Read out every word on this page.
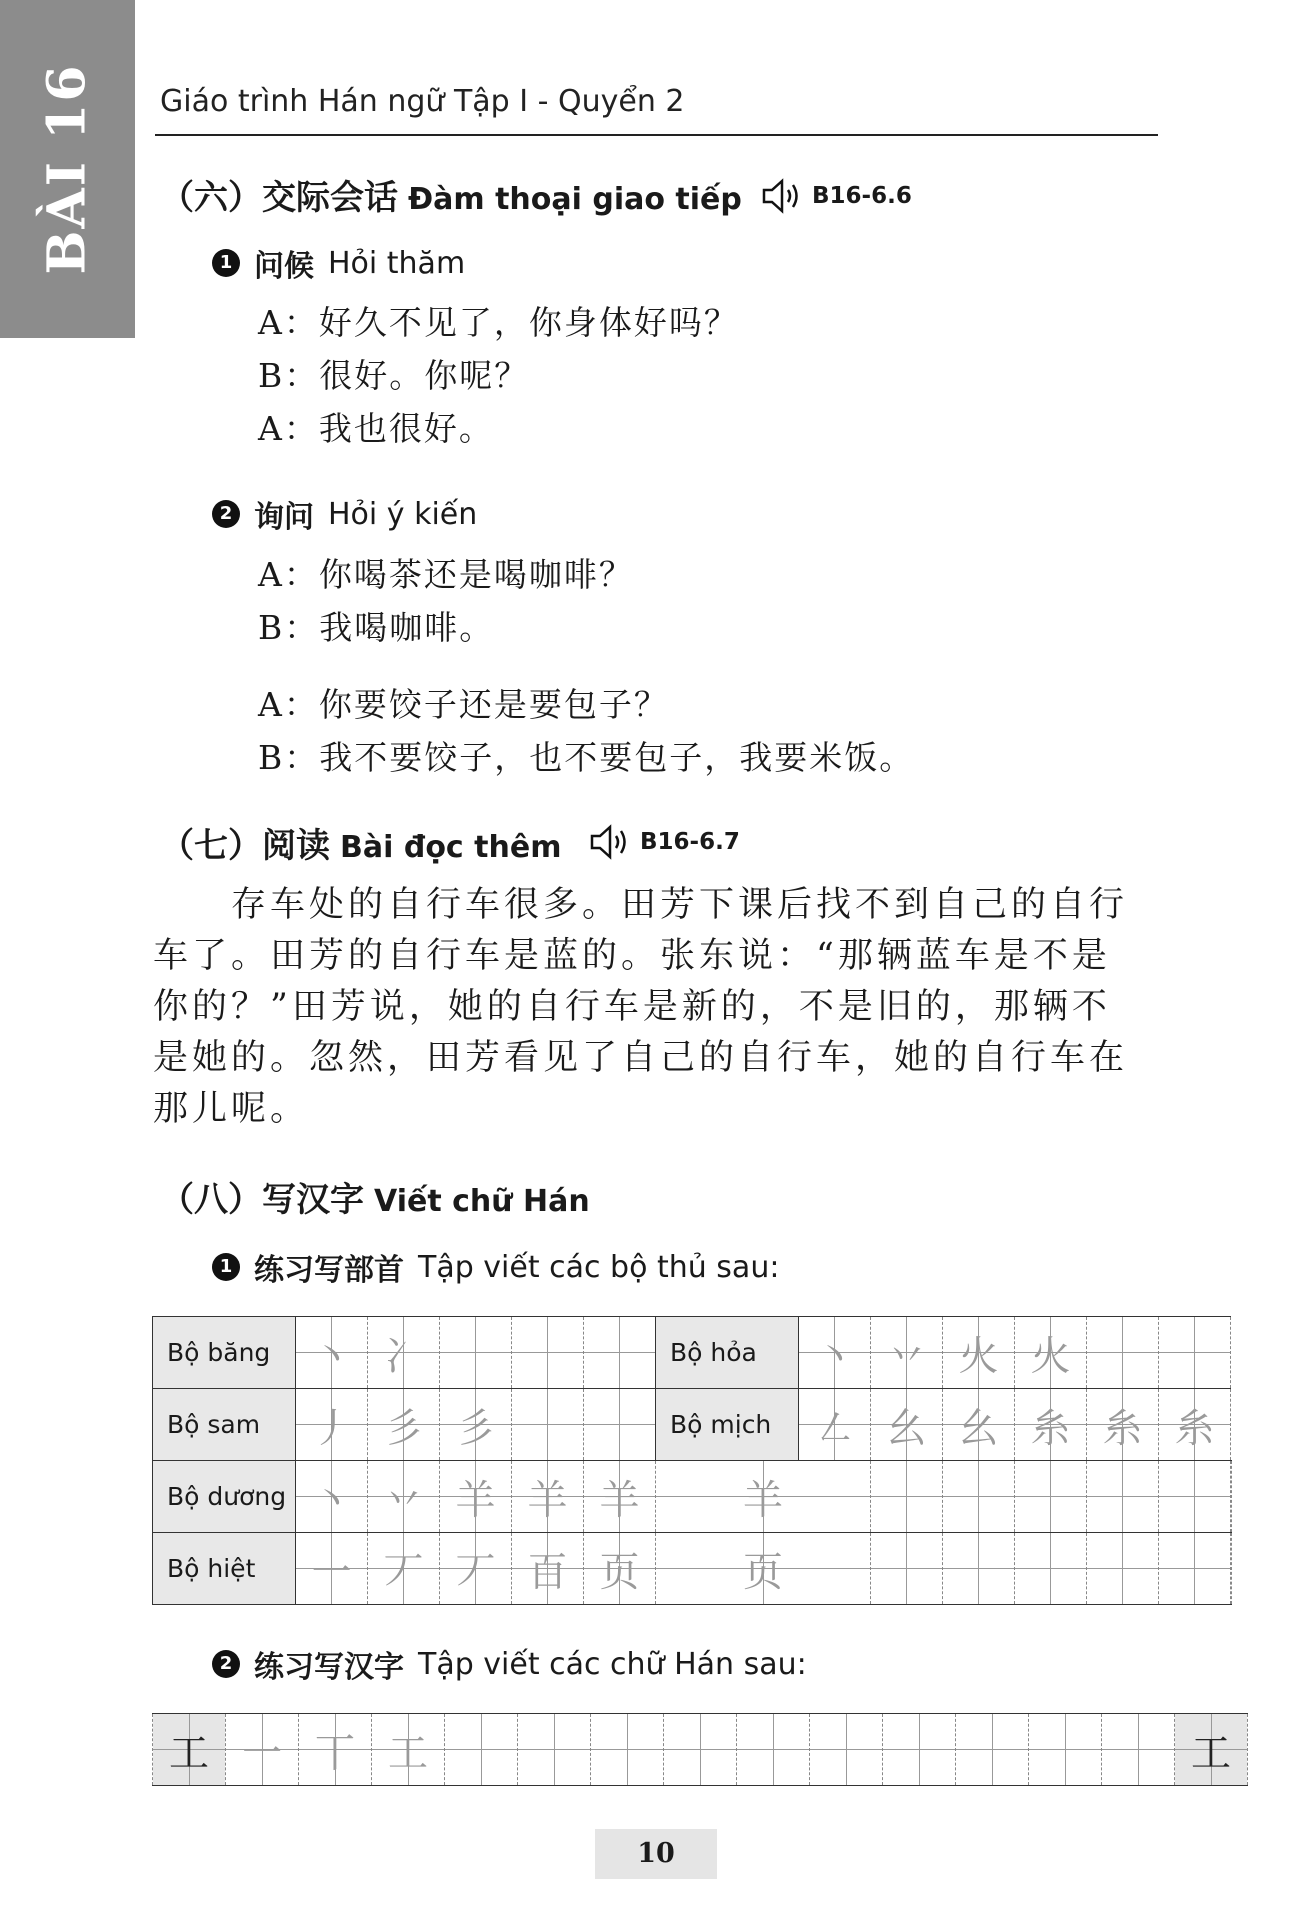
BÀI 16 Giáo trình Hán ngữ Tập I - Quyển 2
（六）交际会话 Đàm thoại giao tiếp	B16-6.6
1 问候 Hỏi thăm
A：好久不见了，你身体好吗？
B：很好。你呢？
A：我也很好。
2 询问 Hỏi ý kiến
A：你喝茶还是喝咖啡？
B：我喝咖啡。
A：你要饺子还是要包子？
B：我不要饺子，也不要包子，我要米饭。
（七）阅读 Bài đọc thêm	B16-6.7
　　存车处的自行车很多。田芳下课后找不到自己的自行
车了。田芳的自行车是蓝的。张东说：“那辆蓝车是不是
你的？”田芳说，她的自行车是新的，不是旧的，那辆不
是她的。忽然，田芳看见了自己的自行车，她的自行车在
那儿呢。
（八）写汉字 Viết chữ Hán
1 练习写部首 Tập viết các bộ thủ sau:
Bộ băng	丶	冫				Bộ hỏa	丶	丷	火	火			

Bộ sam	丿	彡	彡			Bộ mịch	㇜	幺	幺	糸	糸	糸	

Bộ dương	丶	丷	羊	羊	羊	羊							

Bộ hiệt	一	丆	丆	百	页	页							

2 练习写汉字 Tập viết các chữ Hán sau:
工	一	丅	工											工
10
